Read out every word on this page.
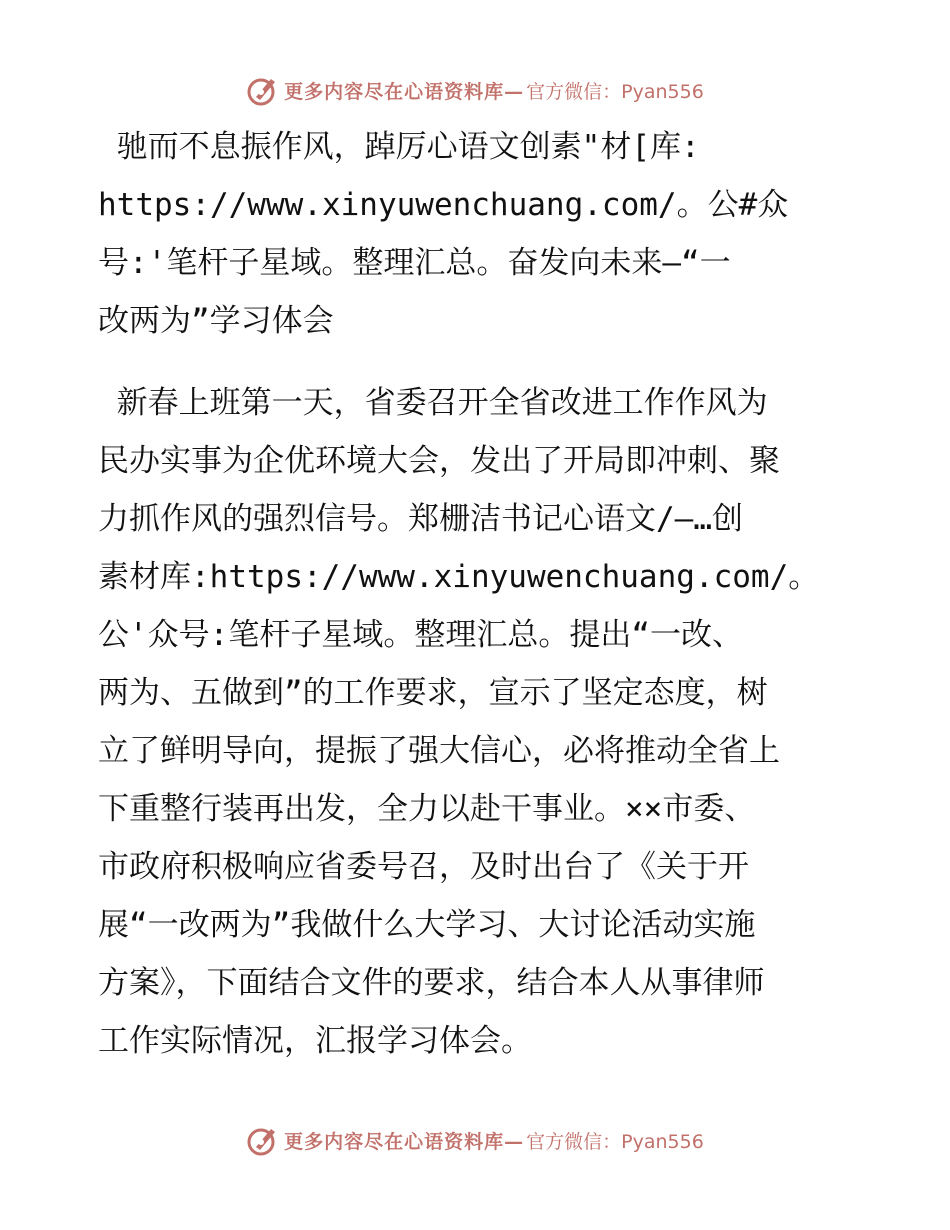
更多内容尽在心语资料库— 官方微信：Pyan556

驰而不息振作风，踔厉心语文创素"材[库:
https://www.xinyuwenchuang.com/。公#众
号:'笔杆子星域。整理汇总。奋发向未来—“一
改两为”学习体会

新春上班第一天，省委召开全省改进工作作风为
民办实事为企优环境大会，发出了开局即冲刺、聚
力抓作风的强烈信号。郑栅洁书记心语文/—…创
素材库:https://www.xinyuwenchuang.com/。
公'众号:笔杆子星域。整理汇总。提出“一改、
两为、五做到”的工作要求，宣示了坚定态度，树
立了鲜明导向，提振了强大信心，必将推动全省上
下重整行装再出发，全力以赴干事业。××市委、
市政府积极响应省委号召，及时出台了《关于开
展“一改两为”我做什么大学习、大讨论活动实施
方案》，下面结合文件的要求，结合本人从事律师
工作实际情况，汇报学习体会。

更多内容尽在心语资料库— 官方微信：Pyan556
